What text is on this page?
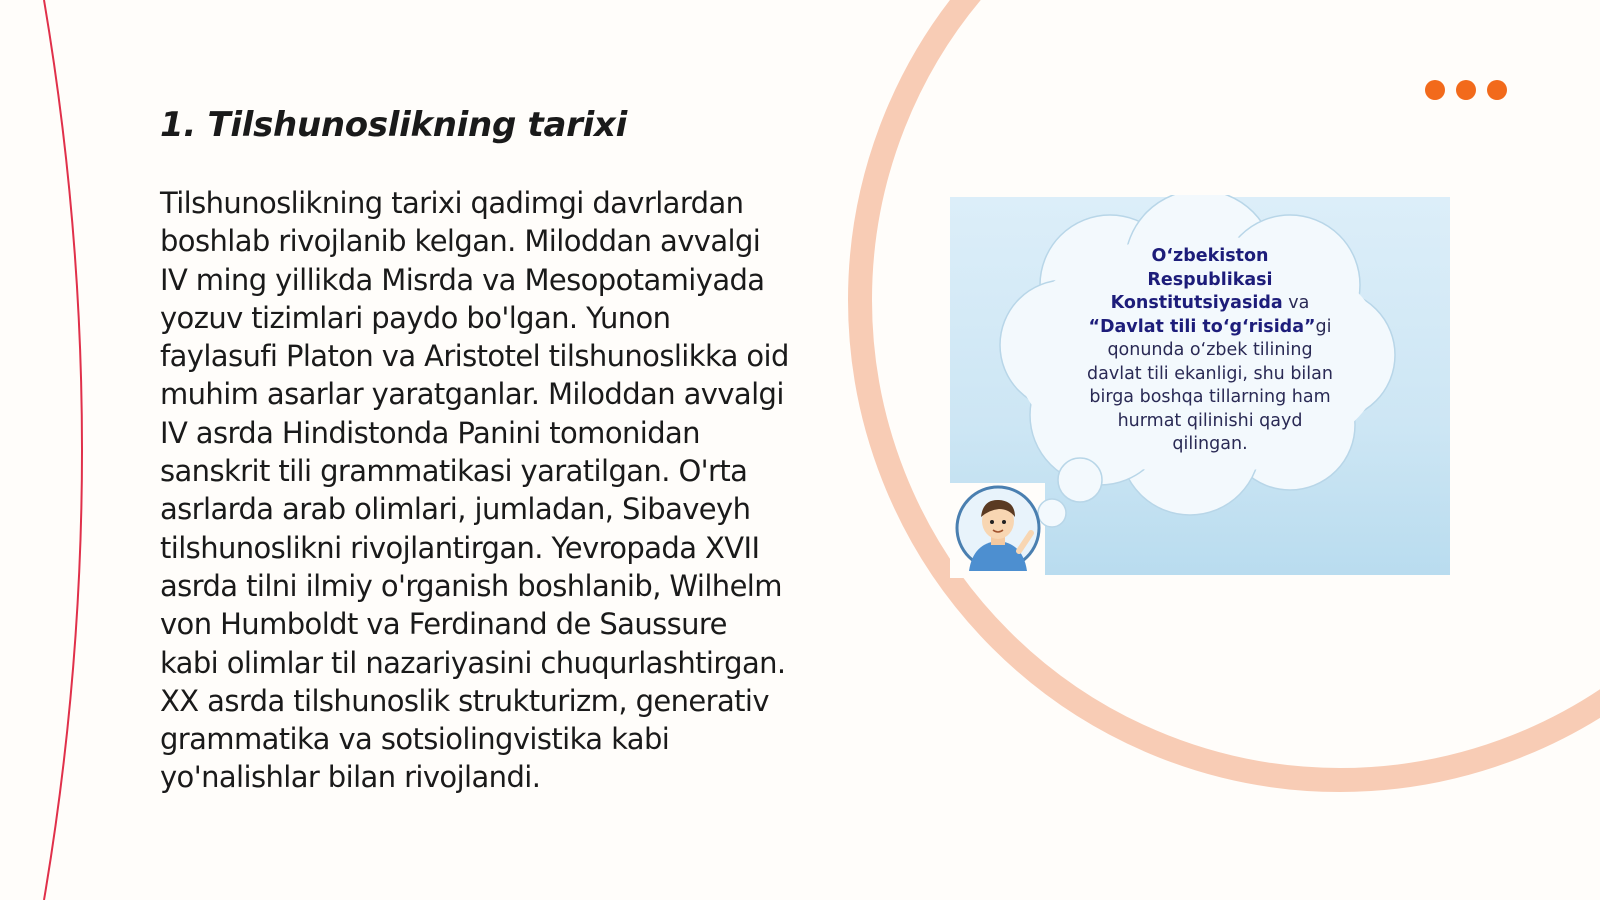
1. Tilshunoslikning tarixi

Tilshunoslikning tarixi qadimgi davrlardan
boshlab rivojlanib kelgan. Miloddan avvalgi
IV ming yillikda Misrda va Mesopotamiyada
yozuv tizimlari paydo bo'lgan. Yunon
faylasufi Platon va Aristotel tilshunoslikka oid
muhim asarlar yaratganlar. Miloddan avvalgi
IV asrda Hindistonda Panini tomonidan
sanskrit tili grammatikasi yaratilgan. O'rta
asrlarda arab olimlari, jumladan, Sibaveyh
tilshunoslikni rivojlantirgan. Yevropada XVII
asrda tilni ilmiy o'rganish boshlanib, Wilhelm
von Humboldt va Ferdinand de Saussure
kabi olimlar til nazariyasini chuqurlashtirgan.
XX asrda tilshunoslik strukturizm, generativ
grammatika va sotsiolingvistika kabi
yo'nalishlar bilan rivojlandi.

O‘zbekiston
Respublikasi
Konstitutsiyasida va
“Davlat tili to‘g‘risida”gi
qonunda o‘zbek tilining
davlat tili ekanligi, shu bilan
birga boshqa tillarning ham
hurmat qilinishi qayd
qilingan.
